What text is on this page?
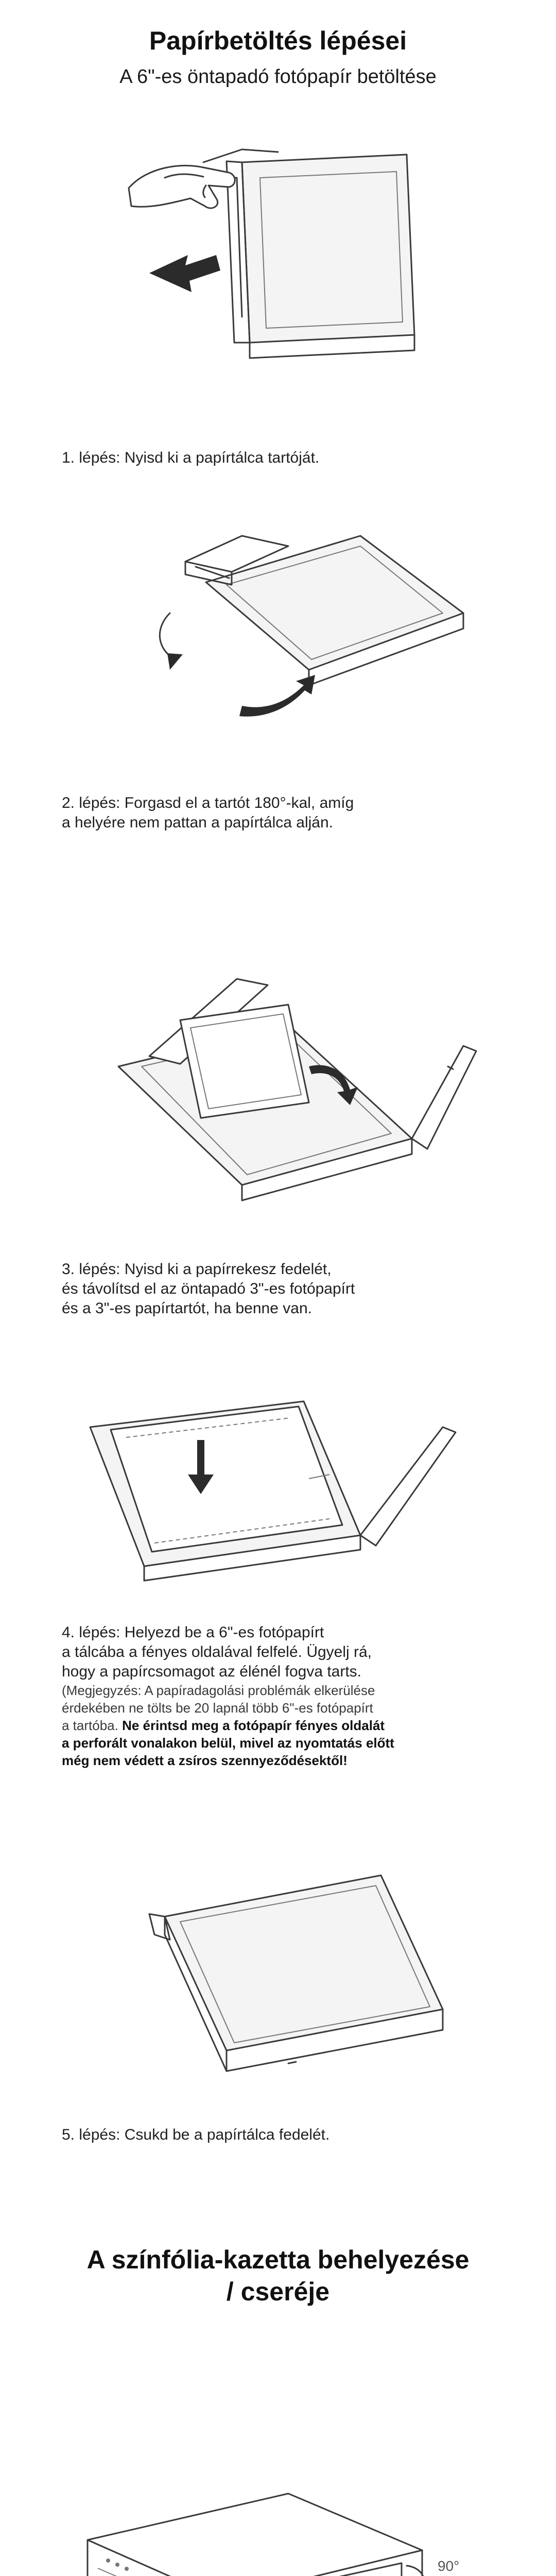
Papírbetöltés lépései
A 6"-es öntapadó fotópapír betöltése
1. lépés: Nyisd ki a papírtálca tartóját.
2. lépés: Forgasd el a tartót 180°-kal, amíg
a helyére nem pattan a papírtálca alján.
3. lépés: Nyisd ki a papírrekesz fedelét,
és távolítsd el az öntapadó 3"-es fotópapírt
és a 3"-es papírtartót, ha benne van.
4. lépés: Helyezd be a 6"-es fotópapírt
a tálcába a fényes oldalával felfelé. Ügyelj rá,
hogy a papírcsomagot az élénél fogva tarts.
(Megjegyzés: A papíradagolási problémák elkerülése
érdekében ne tölts be 20 lapnál több 6"-es fotópapírt
a tartóba. Ne érintsd meg a fotópapír fényes oldalát
a perforált vonalakon belül, mivel az nyomtatás előtt
még nem védett a zsíros szennyeződésektől!
5. lépés: Csukd be a papírtálca fedelét.
A színfólia-kazetta behelyezése
/ cseréje
90°
